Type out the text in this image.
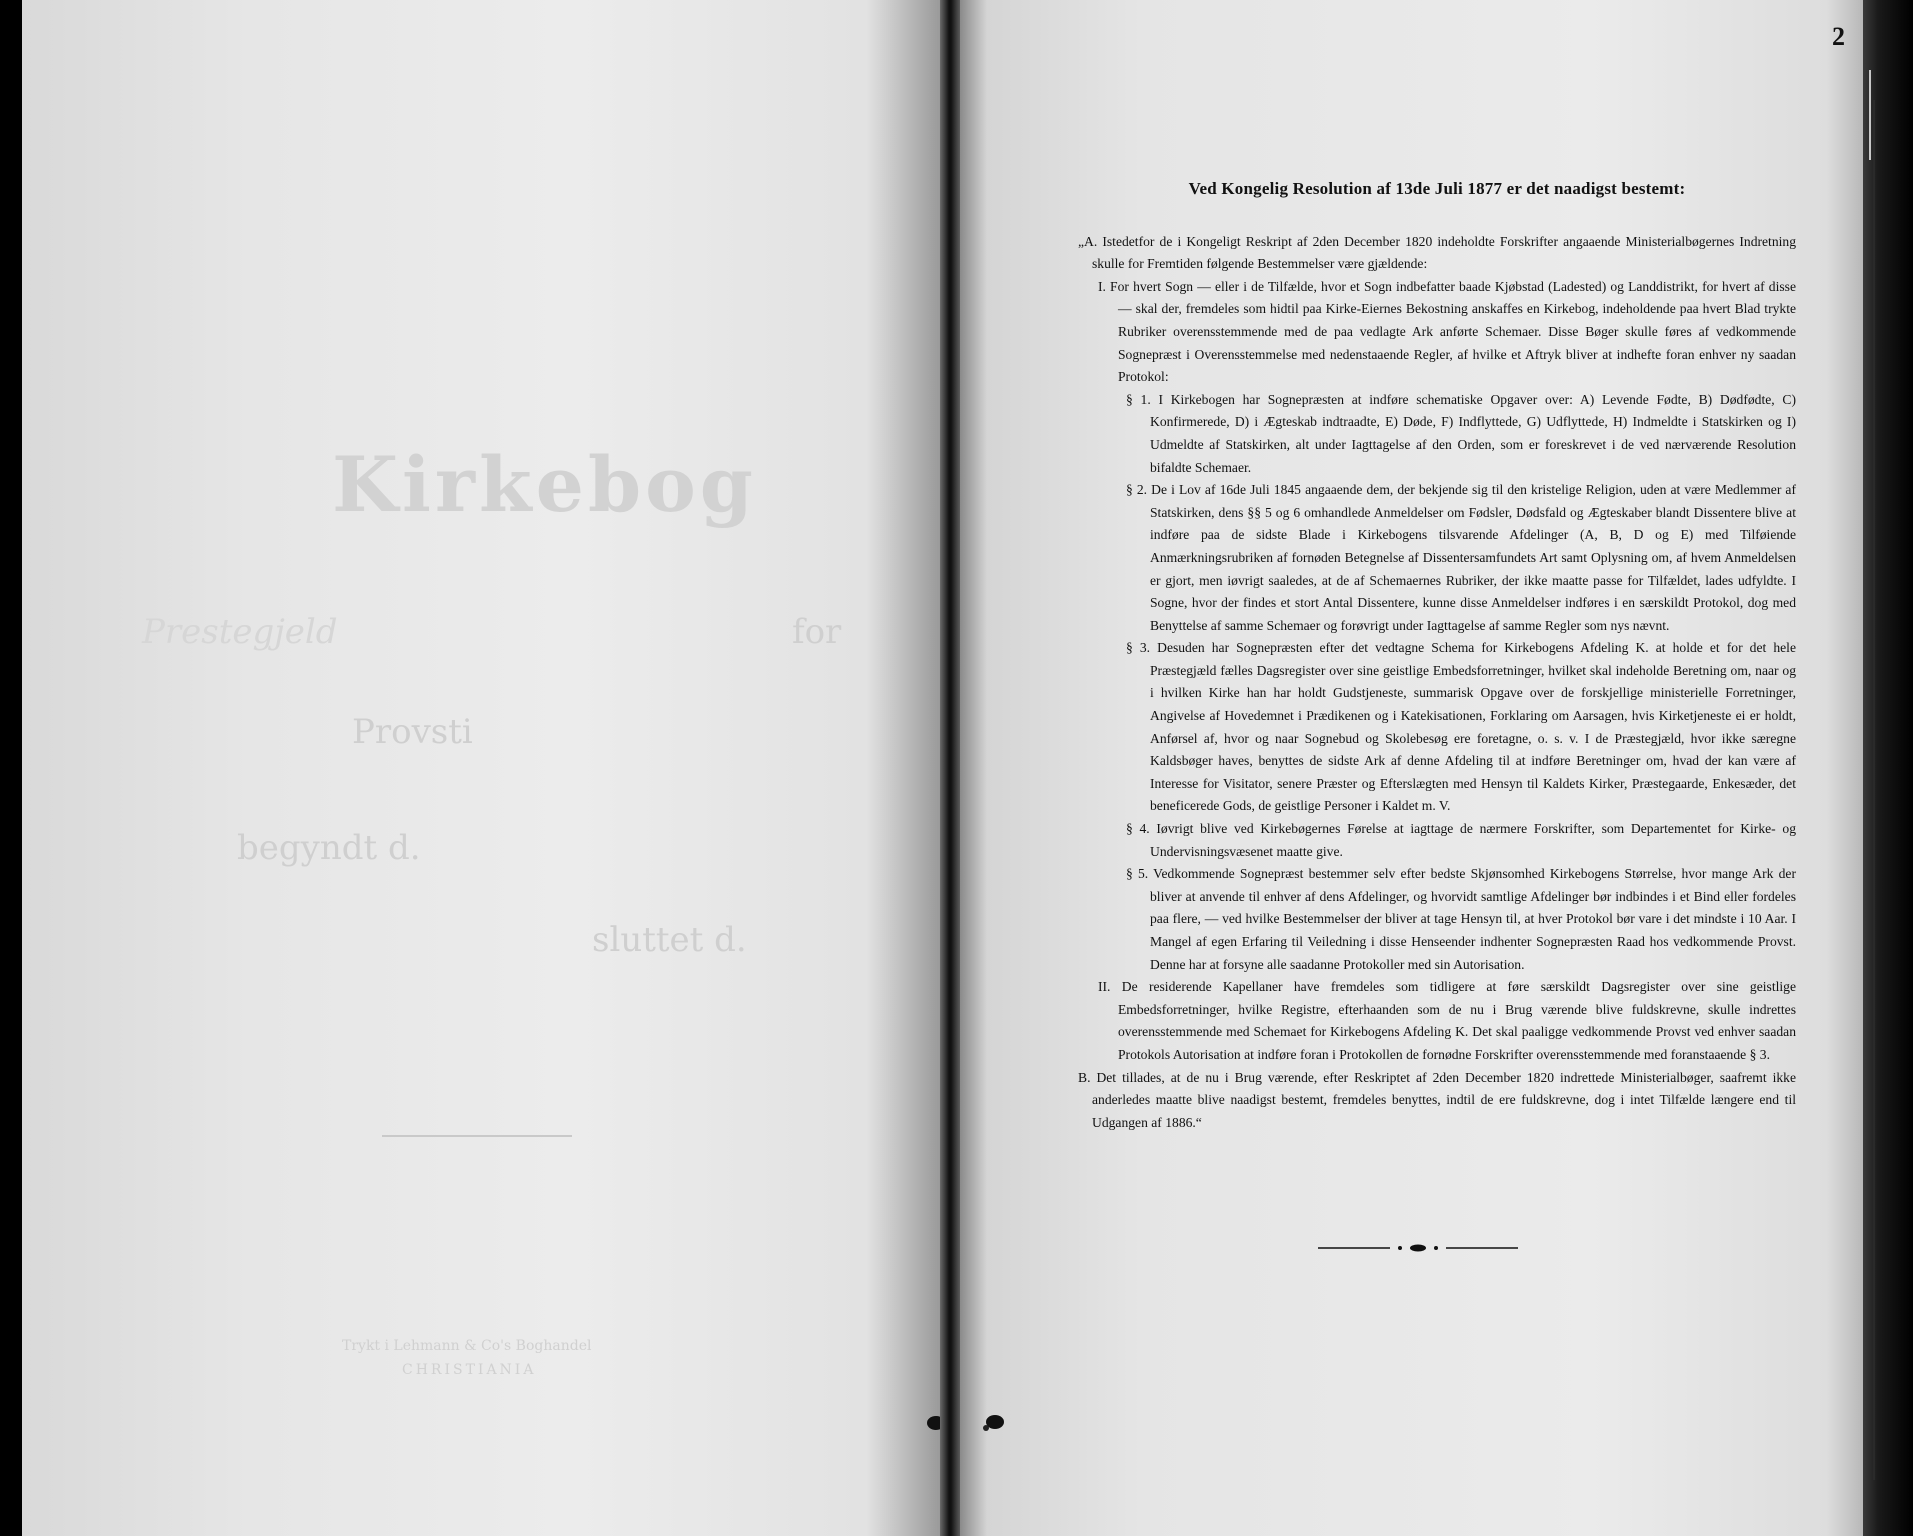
Kirkebog
for
Prestegjeld
Provsti
begyndt d.
sluttet d.
Trykt i Lehmann & Co's Boghandel
CHRISTIANIA
2
Ved Kongelig Resolution af 13de Juli 1877 er det naadigst bestemt:
„A. Istedetfor de i Kongeligt Reskript af 2den December 1820 indeholdte Forskrifter angaaende Ministerialbøgernes Indretning skulle for Fremtiden følgende Bestemmelser være gjældende:
I. For hvert Sogn — eller i de Tilfælde, hvor et Sogn indbefatter baade Kjøbstad (Ladested) og Landdistrikt, for hvert af disse — skal der, fremdeles som hidtil paa Kirke-Eiernes Bekostning anskaffes en Kirkebog, indeholdende paa hvert Blad trykte Rubriker overensstemmende med de paa vedlagte Ark anførte Schemaer. Disse Bøger skulle føres af vedkommende Sognepræst i Overensstemmelse med nedenstaaende Regler, af hvilke et Aftryk bliver at indhefte foran enhver ny saadan Protokol:
§ 1. I Kirkebogen har Sognepræsten at indføre schematiske Opgaver over: A) Levende Fødte, B) Dødfødte, C) Konfirmerede, D) i Ægteskab indtraadte, E) Døde, F) Indflyttede, G) Udflyttede, H) Indmeldte i Statskirken og I) Udmeldte af Statskirken, alt under Iagttagelse af den Orden, som er foreskrevet i de ved nærværende Resolution bifaldte Schemaer.
§ 2. De i Lov af 16de Juli 1845 angaaende dem, der bekjende sig til den kristelige Religion, uden at være Medlemmer af Statskirken, dens §§ 5 og 6 omhandlede Anmeldelser om Fødsler, Dødsfald og Ægteskaber blandt Dissentere blive at indføre paa de sidste Blade i Kirkebogens tilsvarende Afdelinger (A, B, D og E) med Tilføiende Anmærkningsrubriken af fornøden Betegnelse af Dissentersamfundets Art samt Oplysning om, af hvem Anmeldelsen er gjort, men iøvrigt saaledes, at de af Schemaernes Rubriker, der ikke maatte passe for Tilfældet, lades udfyldte. I Sogne, hvor der findes et stort Antal Dissentere, kunne disse Anmeldelser indføres i en særskildt Protokol, dog med Benyttelse af samme Schemaer og forøvrigt under Iagttagelse af samme Regler som nys nævnt.
§ 3. Desuden har Sognepræsten efter det vedtagne Schema for Kirkebogens Afdeling K. at holde et for det hele Præstegjæld fælles Dagsregister over sine geistlige Embedsforretninger, hvilket skal indeholde Beretning om, naar og i hvilken Kirke han har holdt Gudstjeneste, summarisk Opgave over de forskjellige ministerielle Forretninger, Angivelse af Hovedemnet i Prædikenen og i Katekisationen, Forklaring om Aarsagen, hvis Kirketjeneste ei er holdt, Anførsel af, hvor og naar Sognebud og Skolebesøg ere foretagne, o. s. v. I de Præstegjæld, hvor ikke særegne Kaldsbøger haves, benyttes de sidste Ark af denne Afdeling til at indføre Beretninger om, hvad der kan være af Interesse for Visitator, senere Præster og Efterslægten med Hensyn til Kaldets Kirker, Præstegaarde, Enkesæder, det beneficerede Gods, de geistlige Personer i Kaldet m. V.
§ 4. Iøvrigt blive ved Kirkebøgernes Førelse at iagttage de nærmere Forskrifter, som Departementet for Kirke- og Undervisningsvæsenet maatte give.
§ 5. Vedkommende Sognepræst bestemmer selv efter bedste Skjønsomhed Kirkebogens Størrelse, hvor mange Ark der bliver at anvende til enhver af dens Afdelinger, og hvorvidt samtlige Afdelinger bør indbindes i et Bind eller fordeles paa flere, — ved hvilke Bestemmelser der bliver at tage Hensyn til, at hver Protokol bør vare i det mindste i 10 Aar. I Mangel af egen Erfaring til Veiledning i disse Henseender indhenter Sognepræsten Raad hos vedkommende Provst. Denne har at forsyne alle saadanne Protokoller med sin Autorisation.
II. De residerende Kapellaner have fremdeles som tidligere at føre særskildt Dagsregister over sine geistlige Embedsforretninger, hvilke Registre, efterhaanden som de nu i Brug værende blive fuldskrevne, skulle indrettes overensstemmende med Schemaet for Kirkebogens Afdeling K. Det skal paaligge vedkommende Provst ved enhver saadan Protokols Autorisation at indføre foran i Protokollen de fornødne Forskrifter overensstemmende med foranstaaende § 3.
B. Det tillades, at de nu i Brug værende, efter Reskriptet af 2den December 1820 indrettede Ministerialbøger, saafremt ikke anderledes maatte blive naadigst bestemt, fremdeles benyttes, indtil de ere fuldskrevne, dog i intet Tilfælde længere end til Udgangen af 1886.“
